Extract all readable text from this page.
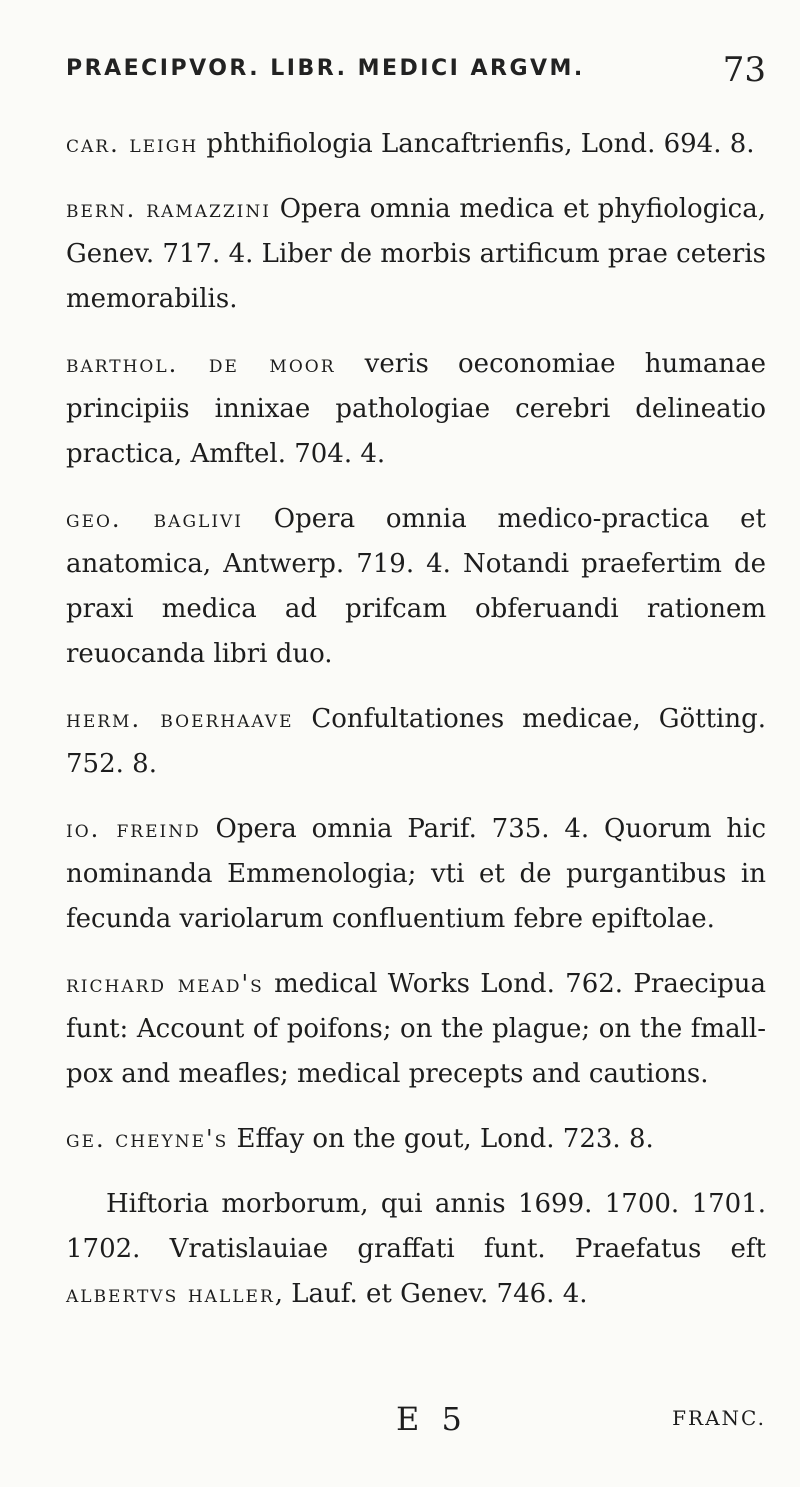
PRAECIPVOR. LIBR. MEDICI ARGVM.	73

car. leigh phthifiologia Lancaftrienfis, Lond. 694. 8.

bern. ramazzini Opera omnia medica et phyfiologica, Genev. 717. 4. Liber de morbis artificum prae ceteris memorabilis.

barthol. de moor veris oeconomiae humanae principiis innixae pathologiae cerebri delineatio practica, Amftel. 704. 4.

geo. baglivi Opera omnia medico-practica et anatomica, Antwerp. 719. 4. Notandi praefertim de praxi medica ad prifcam obferuandi rationem reuocanda libri duo.

herm. boerhaave Confultationes medicae, Götting. 752. 8.

io. freind Opera omnia Parif. 735. 4. Quorum hic nominanda Emmenologia; vti et de purgantibus in fecunda variolarum confluentium febre epiftolae.

richard mead's medical Works Lond. 762. Praecipua funt: Account of poifons; on the plague; on the fmall-pox and meafles; medical precepts and cautions.

ge. cheyne's Effay on the gout, Lond. 723. 8.

Hiftoria morborum, qui annis 1699. 1700. 1701. 1702. Vratislauiae graffati funt. Praefatus eft albertvs haller, Lauf. et Genev. 746. 4.

E 5	FRANC.
